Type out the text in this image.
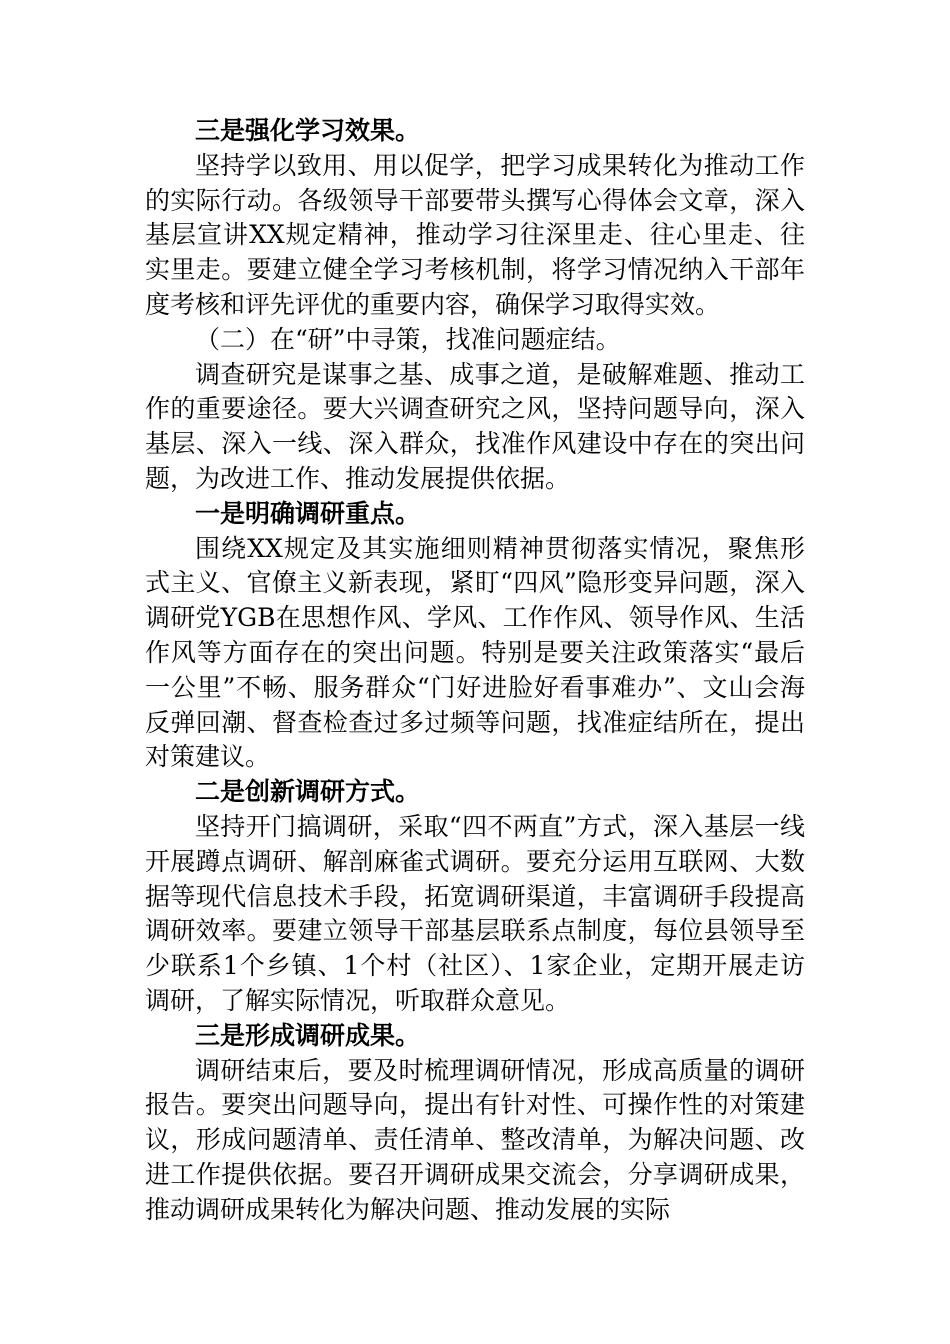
三是强化学习效果。

坚持学以致用、用以促学，把学习成果转化为推动工作的实际行动。各级领导干部要带头撰写心得体会文章，深入基层宣讲XX规定精神，推动学习往深里走、往心里走、往实里走。要建立健全学习考核机制，将学习情况纳入干部年度考核和评先评优的重要内容，确保学习取得实效。

（二）在“研”中寻策，找准问题症结。

调查研究是谋事之基、成事之道，是破解难题、推动工作的重要途径。要大兴调查研究之风，坚持问题导向，深入基层、深入一线、深入群众，找准作风建设中存在的突出问题，为改进工作、推动发展提供依据。

一是明确调研重点。

围绕XX规定及其实施细则精神贯彻落实情况，聚焦形式主义、官僚主义新表现，紧盯“四风”隐形变异问题，深入调研党YGB在思想作风、学风、工作作风、领导作风、生活作风等方面存在的突出问题。特别是要关注政策落实“最后一公里”不畅、服务群众“门好进脸好看事难办”、文山会海反弹回潮、督查检查过多过频等问题，找准症结所在，提出对策建议。

二是创新调研方式。

坚持开门搞调研，采取“四不两直”方式，深入基层一线开展蹲点调研、解剖麻雀式调研。要充分运用互联网、大数据等现代信息技术手段，拓宽调研渠道，丰富调研手段提高调研效率。要建立领导干部基层联系点制度，每位县领导至少联系1个乡镇、1个村（社区）、1家企业，定期开展走访调研，了解实际情况，听取群众意见。

三是形成调研成果。

调研结束后，要及时梳理调研情况，形成高质量的调研报告。要突出问题导向，提出有针对性、可操作性的对策建议，形成问题清单、责任清单、整改清单，为解决问题、改进工作提供依据。要召开调研成果交流会，分享调研成果，推动调研成果转化为解决问题、推动发展的实际
